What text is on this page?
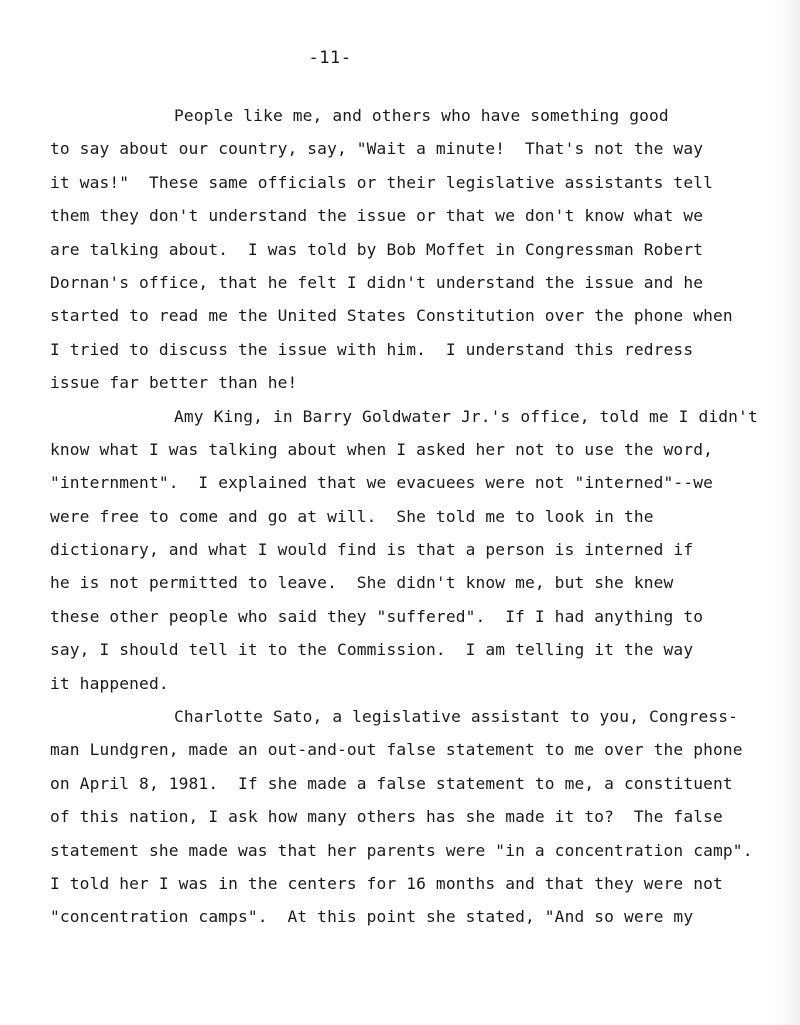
-11-
People like me, and others who have something good
to say about our country, say, "Wait a minute!  That's not the way
it was!"  These same officials or their legislative assistants tell
them they don't understand the issue or that we don't know what we
are talking about.  I was told by Bob Moffet in Congressman Robert
Dornan's office, that he felt I didn't understand the issue and he
started to read me the United States Constitution over the phone when
I tried to discuss the issue with him.  I understand this redress
issue far better than he!
Amy King, in Barry Goldwater Jr.'s office, told me I didn't
know what I was talking about when I asked her not to use the word,
"internment".  I explained that we evacuees were not "interned"--we
were free to come and go at will.  She told me to look in the
dictionary, and what I would find is that a person is interned if
he is not permitted to leave.  She didn't know me, but she knew
these other people who said they "suffered".  If I had anything to
say, I should tell it to the Commission.  I am telling it the way
it happened.
Charlotte Sato, a legislative assistant to you, Congress-
man Lundgren, made an out-and-out false statement to me over the phone
on April 8, 1981.  If she made a false statement to me, a constituent
of this nation, I ask how many others has she made it to?  The false
statement she made was that her parents were "in a concentration camp".
I told her I was in the centers for 16 months and that they were not
"concentration camps".  At this point she stated, "And so were my
